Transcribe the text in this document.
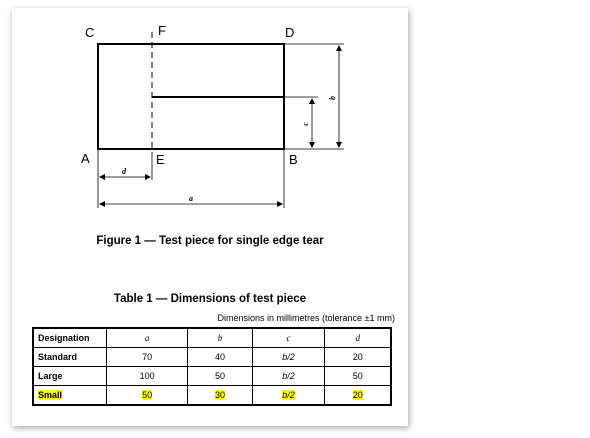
C	F	D
A	E	B
b
c
d
a
Figure 1 — Test piece for single edge tear
Table 1 — Dimensions of test piece
Dimensions in millimetres (tolerance ±1 mm)
Designation	a	b	c	d
Standard	70	40	b/2	20
Large	100	50	b/2	50
Small	50	30	b/2	20
